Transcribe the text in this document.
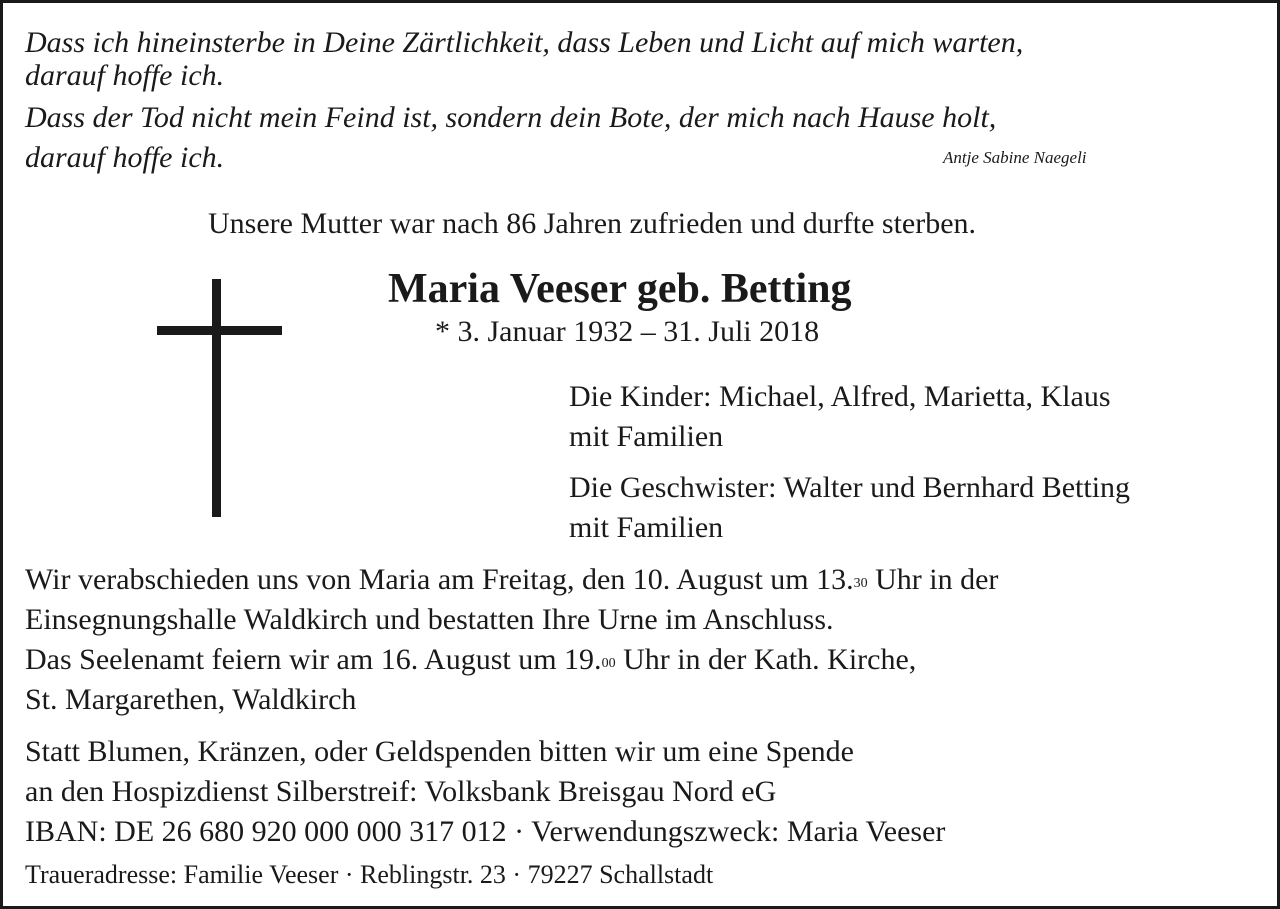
Dass ich hineinsterbe in Deine Zärtlichkeit, dass Leben und Licht auf mich warten,
darauf hoffe ich.
Dass der Tod nicht mein Feind ist, sondern dein Bote, der mich nach Hause holt,
darauf hoffe ich.	Antje Sabine Naegeli
Unsere Mutter war nach 86 Jahren zufrieden und durfte sterben.
Maria Veeser geb. Betting
* 3. Januar 1932 – 31. Juli 2018
Die Kinder: Michael, Alfred, Marietta, Klaus
mit Familien
Die Geschwister: Walter und Bernhard Betting
mit Familien
Wir verabschieden uns von Maria am Freitag, den 10. August um 13.30 Uhr in der
Einsegnungshalle Waldkirch und bestatten Ihre Urne im Anschluss.
Das Seelenamt feiern wir am 16. August um 19.00 Uhr in der Kath. Kirche,
St. Margarethen, Waldkirch
Statt Blumen, Kränzen, oder Geldspenden bitten wir um eine Spende
an den Hospizdienst Silberstreif: Volksbank Breisgau Nord eG
IBAN: DE 26 680 920 000 000 317 012 · Verwendungszweck: Maria Veeser
Traueradresse: Familie Veeser · Reblingstr. 23 · 79227 Schallstadt
